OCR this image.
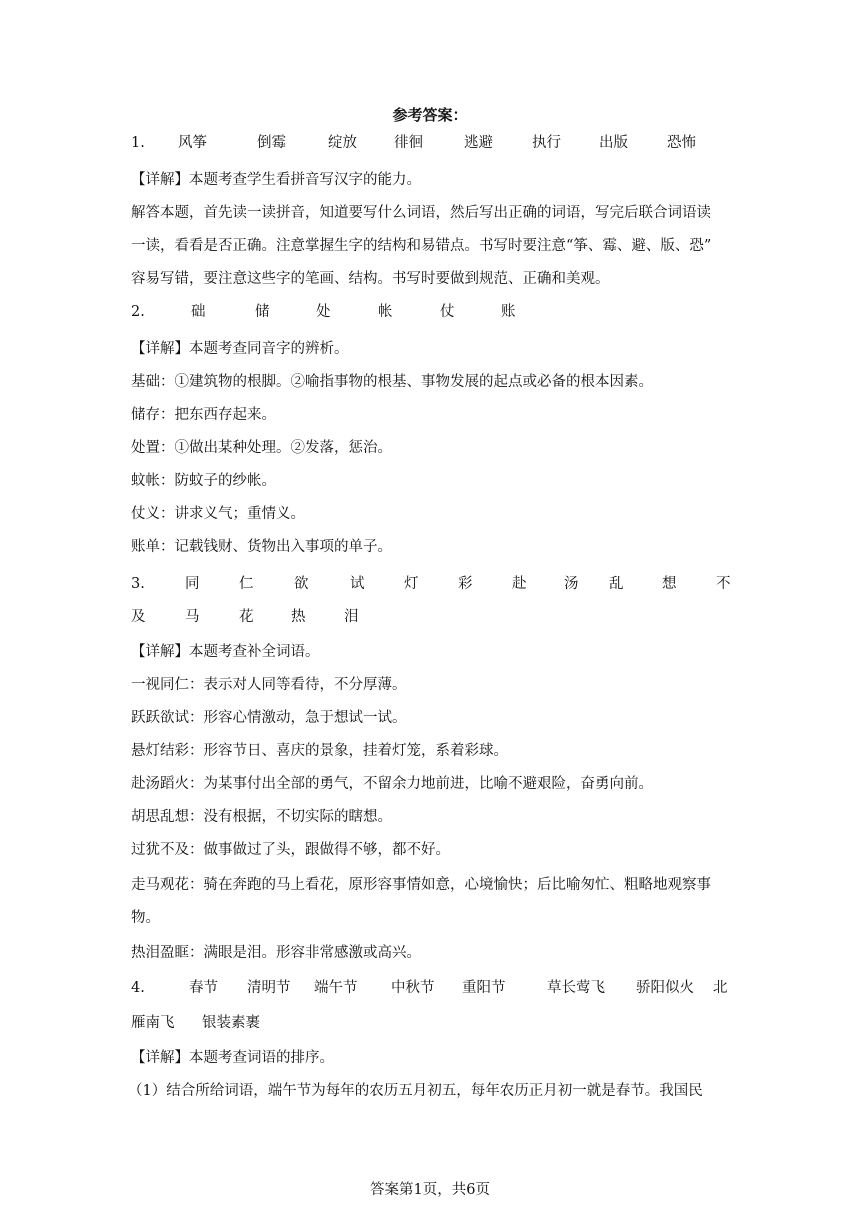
参考答案：
1. 风筝	倒霉	绽放	徘徊	逃避	执行	出版	恐怖
【详解】本题考查学生看拼音写汉字的能力。
解答本题，首先读一读拼音，知道要写什么词语，然后写出正确的词语，写完后联合词语读
一读，看看是否正确。注意掌握生字的结构和易错点。书写时要注意“筝、霉、避、版、恐”
容易写错，要注意这些字的笔画、结构。书写时要做到规范、正确和美观。
2.	础	储	处	帐	仗	账
【详解】本题考查同音字的辨析。
基础：①建筑物的根脚。②喻指事物的根基、事物发展的起点或必备的根本因素。
储存：把东西存起来。
处置：①做出某种处理。②发落，惩治。
蚊帐：防蚊子的纱帐。
仗义：讲求义气；重情义。
账单：记载钱财、货物出入事项的单子。
3.	同	仁	欲	试	灯	彩	赴	汤 乱	想	不
及	马	花	热	泪
【详解】本题考查补全词语。
一视同仁：表示对人同等看待，不分厚薄。
跃跃欲试：形容心情激动，急于想试一试。
悬灯结彩：形容节日、喜庆的景象，挂着灯笼，系着彩球。
赴汤蹈火：为某事付出全部的勇气，不留余力地前进，比喻不避艰险，奋勇向前。
胡思乱想：没有根据，不切实际的瞎想。
过犹不及：做事做过了头，跟做得不够，都不好。
走马观花：骑在奔跑的马上看花，原形容事情如意，心境愉快；后比喻匆忙、粗略地观察事
物。
热泪盈眶：满眼是泪。形容非常感激或高兴。
4.	春节 清明节 端午节 中秋节 重阳节	草长莺飞 骄阳似火 北
雁南飞 银装素裹
【详解】本题考查词语的排序。
（1）结合所给词语，端午节为每年的农历五月初五，每年农历正月初一就是春节。我国民
答案第1页，共6页
